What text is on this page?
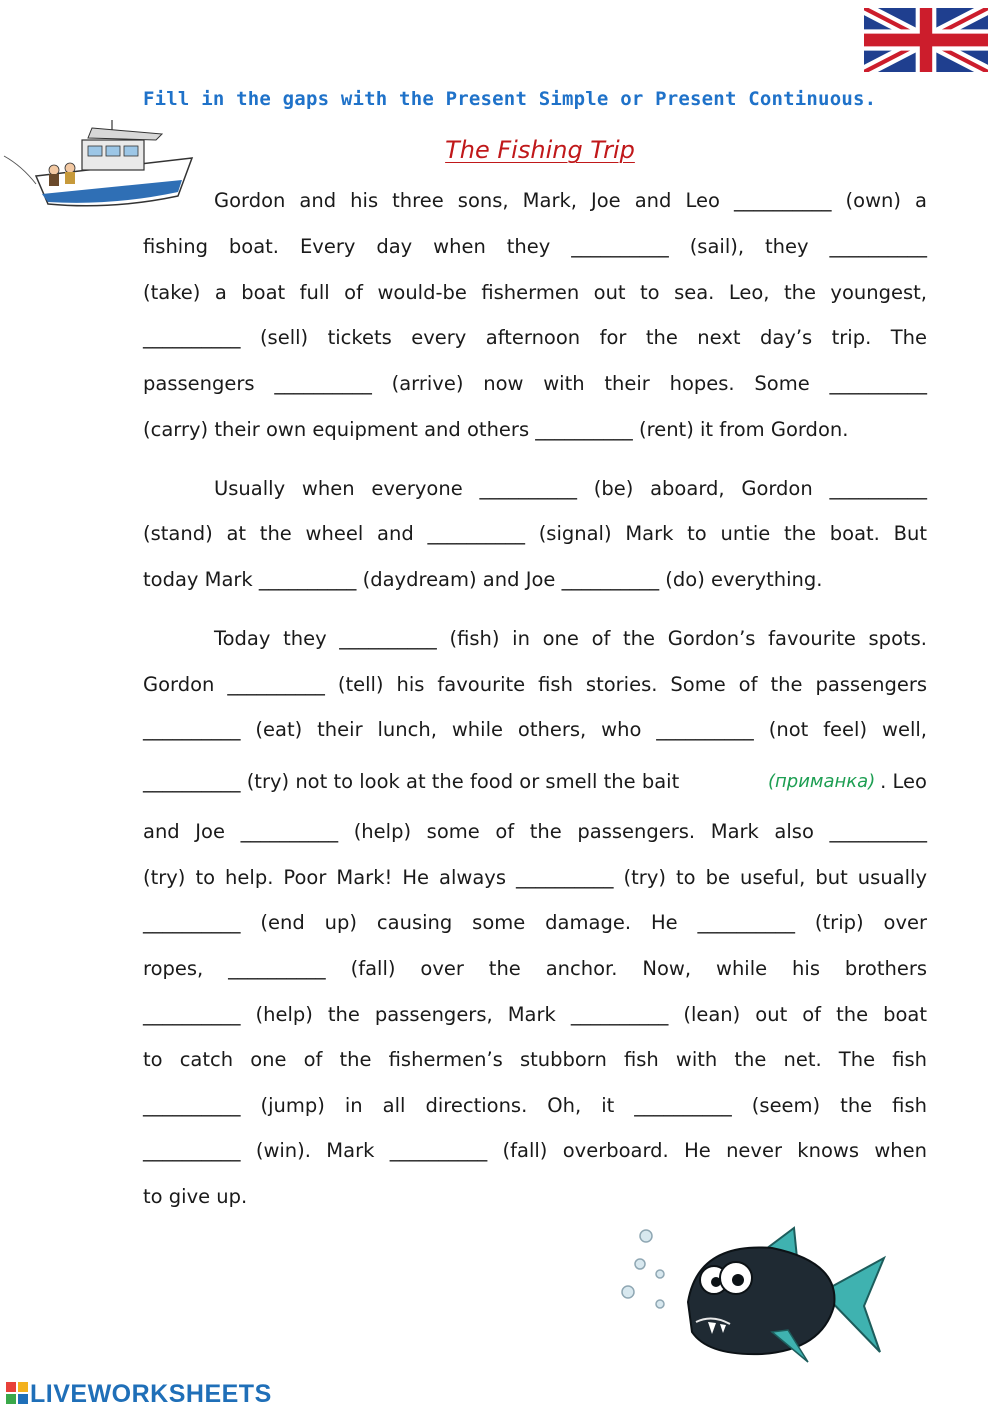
Fill in the gaps with the Present Simple or Present Continuous.
The Fishing Trip
Gordon and his three sons, Mark, Joe and Leo __________ (own) a
fishing boat. Every day when they __________ (sail), they __________
(take) a boat full of would-be fishermen out to sea. Leo, the youngest,
__________ (sell) tickets every afternoon for the next day’s trip. The
passengers __________ (arrive) now with their hopes. Some __________
(carry) their own equipment and others __________ (rent) it from Gordon.
Usually when everyone __________ (be) aboard, Gordon __________
(stand) at the wheel and __________ (signal) Mark to untie the boat. But
today Mark __________ (daydream) and Joe __________ (do) everything.
Today they __________ (fish) in one of the Gordon’s favourite spots.
Gordon __________ (tell) his favourite fish stories. Some of the passengers
__________ (eat) their lunch, while others, who __________ (not feel) well,
__________ (try) not to look at the food or smell the bait	(приманка) . Leo
and Joe __________ (help) some of the passengers. Mark also __________
(try) to help. Poor Mark! He always __________ (try) to be useful, but usually
__________ (end up) causing some damage. He __________ (trip) over
ropes, __________ (fall) over the anchor. Now, while his brothers
__________ (help) the passengers, Mark __________ (lean) out of the boat
to catch one of the fishermen’s stubborn fish with the net. The fish
__________ (jump) in all directions. Oh, it __________ (seem) the fish
__________ (win). Mark __________ (fall) overboard. He never knows when
to give up.
LIVEWORKSHEETS
